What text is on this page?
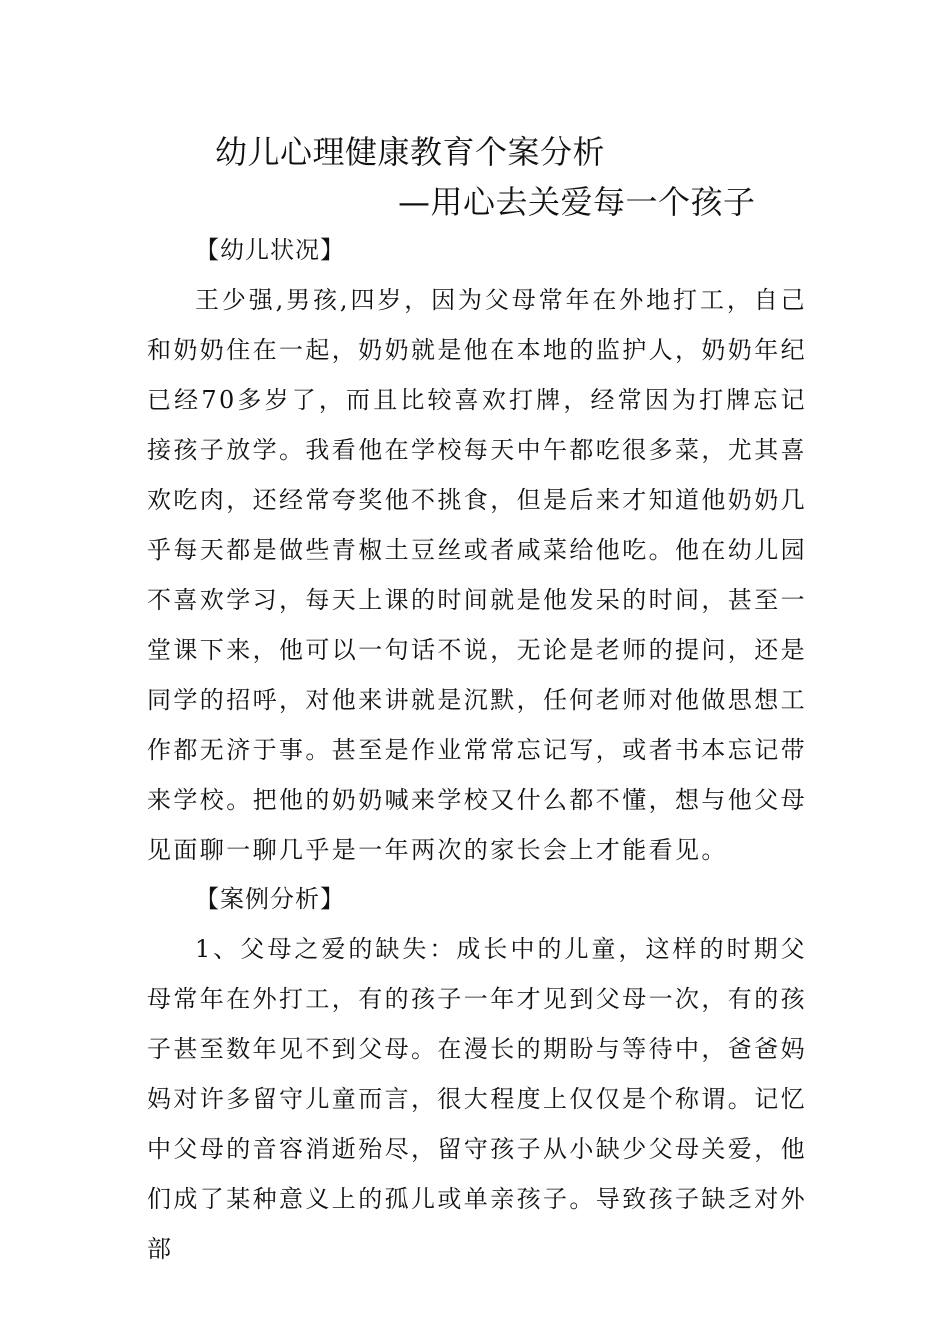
幼儿心理健康教育个案分析
—用心去关爱每一个孩子
【幼儿状况】

王少强,男孩,四岁，因为父母常年在外地打工，自己和奶奶住在一起，奶奶就是他在本地的监护人，奶奶年纪已经70多岁了，而且比较喜欢打牌，经常因为打牌忘记接孩子放学。我看他在学校每天中午都吃很多菜，尤其喜欢吃肉，还经常夸奖他不挑食，但是后来才知道他奶奶几乎每天都是做些青椒土豆丝或者咸菜给他吃。他在幼儿园不喜欢学习，每天上课的时间就是他发呆的时间，甚至一堂课下来，他可以一句话不说，无论是老师的提问，还是同学的招呼，对他来讲就是沉默，任何老师对他做思想工作都无济于事。甚至是作业常常忘记写，或者书本忘记带来学校。把他的奶奶喊来学校又什么都不懂，想与他父母见面聊一聊几乎是一年两次的家长会上才能看见。

【案例分析】

1、父母之爱的缺失：成长中的儿童，这样的时期父母常年在外打工，有的孩子一年才见到父母一次，有的孩子甚至数年见不到父母。在漫长的期盼与等待中，爸爸妈妈对许多留守儿童而言，很大程度上仅仅是个称谓。记忆中父母的音容消逝殆尽，留守孩子从小缺少父母关爱，他们成了某种意义上的孤儿或单亲孩子。导致孩子缺乏对外部
